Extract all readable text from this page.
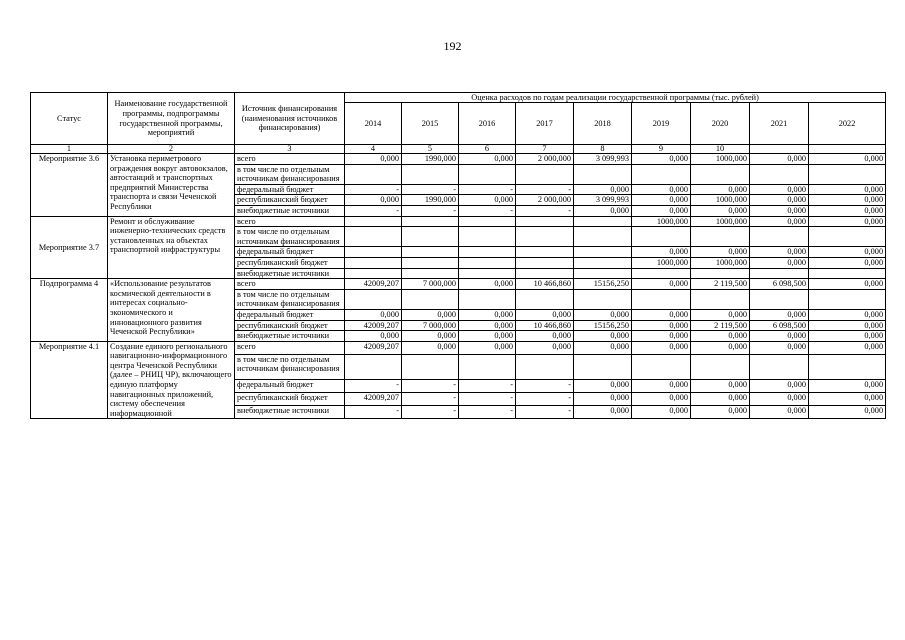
192
Статус	Наименование государственной программы, подпрограммы государственной программы, мероприятий	Источник финансирования (наименования источников финансирования)	Оценка расходов по годам реализации государственной программы (тыс. рублей)								
			2014	2015	2016	2017	2018	2019	2020	2021	2022
1	2	3	4	5	6	7	8	9	10		
Мероприятие 3.6	Установка периметрового ограждения вокруг автовокзалов, автостанций и транспортных предприятий Министерства транспорта и связи Чеченской Республики	всего	0,000	1990,000	0,000	2 000,000	3 099,993	0,000	1000,000	0,000	0,000
		в том числе по отдельным источникам финансирования									
		федеральный бюджет	-	-	-	-	0,000	0,000	0,000	0,000	0,000
		республиканский бюджет	0,000	1990,000	0,000	2 000,000	3 099,993	0,000	1000,000	0,000	0,000
		внебюджетные источники	-	-	-	-	0,000	0,000	0,000	0,000	0,000
Мероприятие 3.7	Ремонт и обслуживание инженерно-технических средств установленных на объектах транспортной инфраструктуры	всего						1000,000	1000,000	0,000	0,000
		в том числе по отдельным источникам финансирования									
		федеральный бюджет						0,000	0,000	0,000	0,000
		республиканский бюджет						1000,000	1000,000	0,000	0,000
		внебюджетные источники									
Подпрограмма 4	«Использование результатов космической деятельности в интересах социально-экономического и инновационного развития Чеченской Республики»	всего	42009,207	7 000,000	0,000	10 466,860	15156,250	0,000	2 119,500	6 098,500	0,000
		в том числе по отдельным источникам финансирования									
		федеральный бюджет	0,000	0,000	0,000	0,000	0,000	0,000	0,000	0,000	0,000
		республиканский бюджет	42009,207	7 000,000	0,000	10 466,860	15156,250	0,000	2 119,500	6 098,500	0,000
		внебюджетные источники	0,000	0,000	0,000	0,000	0,000	0,000	0,000	0,000	0,000
Мероприятие 4.1	Создание единого регионального навигационно-информационного центра Чеченской Республики (далее – РНИЦ ЧР), включающего единую платформу навигационных приложений, систему обеспечения информационной	всего	42009,207	0,000	0,000	0,000	0,000	0,000	0,000	0,000	0,000
		в том числе по отдельным источникам финансирования									
		федеральный бюджет	-	-	-	-	0,000	0,000	0,000	0,000	0,000
		республиканский бюджет	42009,207	-	-	-	0,000	0,000	0,000	0,000	0,000
		внебюджетные источники	-	-	-	-	0,000	0,000	0,000	0,000	0,000
